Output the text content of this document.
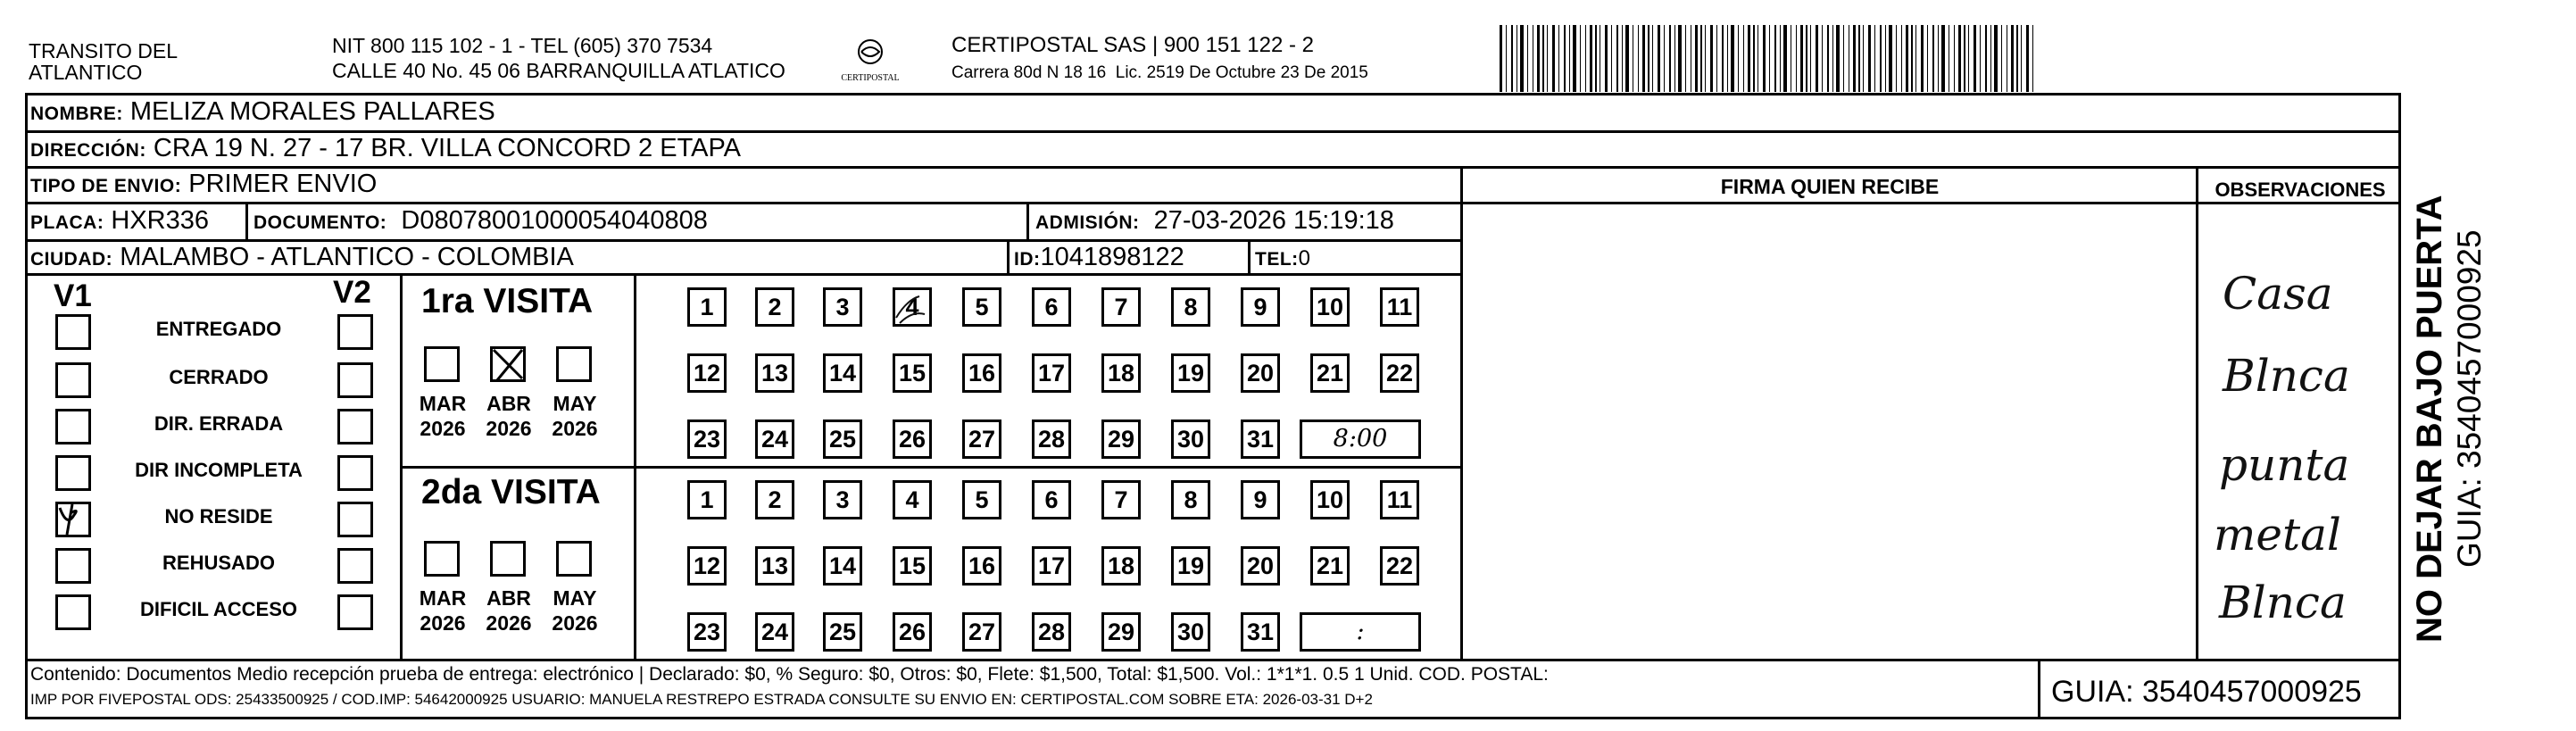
TRANSITO DEL
ATLANTICO
NIT 800 115 102 - 1 - TEL (605) 370 7534
CALLE 40 No. 45 06 BARRANQUILLA ATLATICO	CERTIPOSTAL
CERTIPOSTAL SAS | 900 151 122 - 2
Carrera 80d N 18 16  Lic. 2519 De Octubre 23 De 2015
NOMBRE: MELIZA MORALES PALLARES
DIRECCIÓN: CRA 19 N. 27 - 17 BR. VILLA CONCORD 2 ETAPA
TIPO DE ENVIO: PRIMER ENVIO
PLACA: HXR336 DOCUMENTO: D08078001000054040808	ADMISIÓN: 27-03-2026 15:19:18
CIUDAD: MALAMBO - ATLANTICO - COLOMBIA	ID:1041898122	TEL:0
FIRMA QUIEN RECIBE	OBSERVACIONES
Casa
Blnca
punta
metal
Blnca
V1	V2
ENTREGADO
CERRADO
DIR. ERRADA
DIR INCOMPLETA
NO RESIDE
REHUSADO
DIFICIL ACCESO
1ra VISITA
2da VISITA
1	2	3	4	5	6	7	8	9	10 11
12 13 14 15 16 17 18 19 20 21 22
23 24 25 26 27 28 29 30 31	8:00
MAR
2026
ABR
2026
MAY
2026
1	2	3	4	5	6	7	8	9	10 11
12 13 14 15 16 17 18 19 20 21 22
23 24 25 26 27 28 29 30 31	:
MAR
2026
ABR
2026
MAY
2026
Contenido: Documentos Medio recepción prueba de entrega: electrónico | Declarado: $0, % Seguro: $0, Otros: $0, Flete: $1,500, Total: $1,500. Vol.: 1*1*1. 0.5 1 Unid. COD. POSTAL:
IMP POR FIVEPOSTAL ODS: 25433500925 / COD.IMP: 54642000925 USUARIO: MANUELA RESTREPO ESTRADA CONSULTE SU ENVIO EN: CERTIPOSTAL.COM SOBRE ETA: 2026-03-31 D+2	GUIA: 3540457000925
NO DEJAR BAJO PUERTA GUIA: 3540457000925
